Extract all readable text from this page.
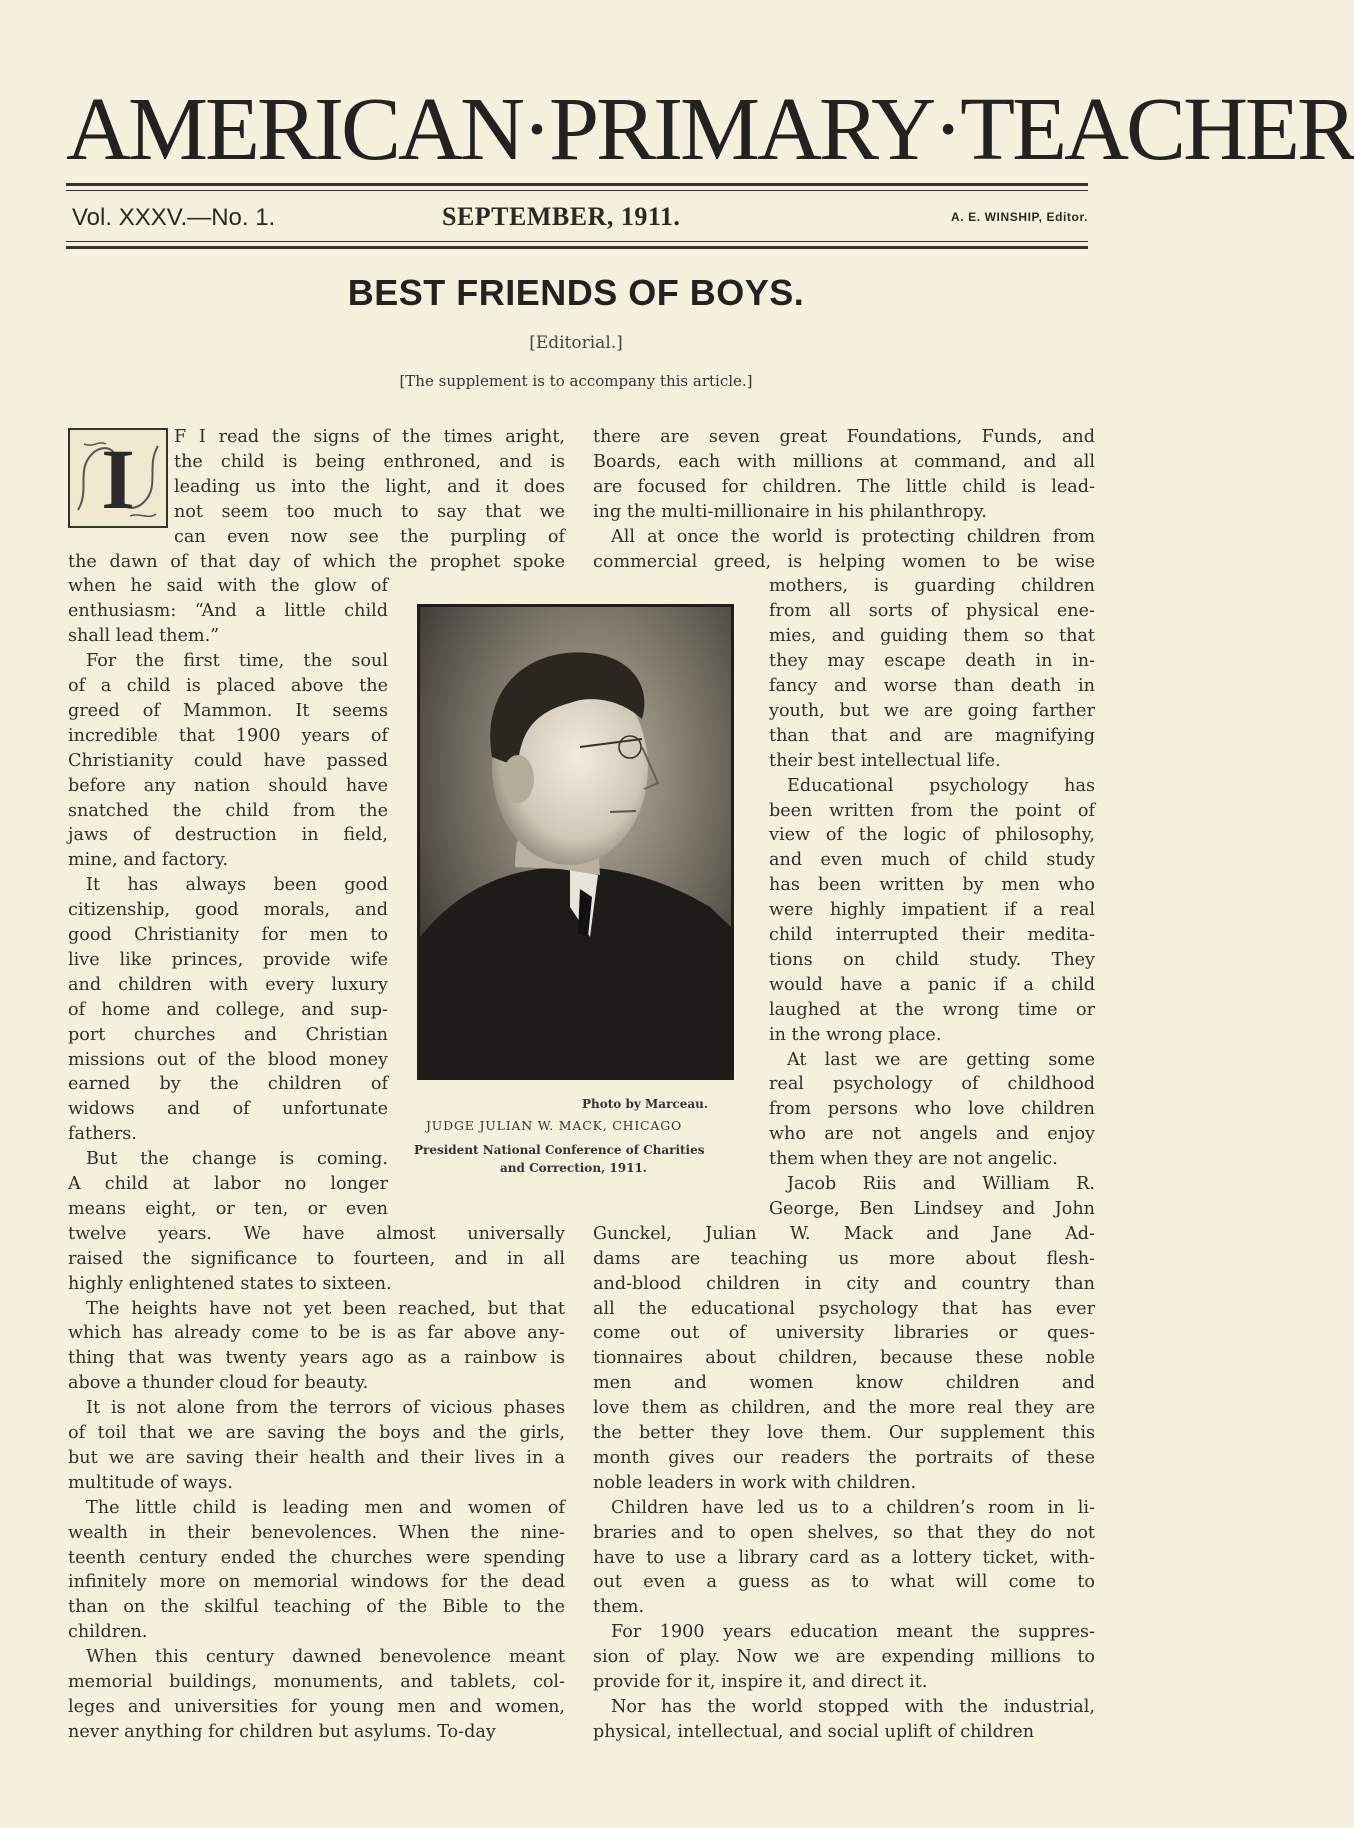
AMERICAN·PRIMARY·TEACHER
Vol. XXXV.—No. 1.	SEPTEMBER, 1911.	A. E. WINSHIP, Editor.
BEST FRIENDS OF BOYS.
[Editorial.]
[The supplement is to accompany this article.]
I
Photo by Marceau.
JUDGE JULIAN W. MACK, CHICAGO
President National Conference of Charities
and Correction, 1911.
F I read the signs of the times aright,
the child is being enthroned, and is
leading us into the light, and it does
not seem too much to say that we
can even now see the purpling of
the dawn of that day of which the prophet spoke
when he said with the glow of
enthusiasm: “And a little child
shall lead them.”
For the first time, the soul
of a child is placed above the
greed of Mammon. It seems
incredible that 1900 years of
Christianity could have passed
before any nation should have
snatched the child from the
jaws of destruction in field,
mine, and factory.
It has always been good
citizenship, good morals, and
good Christianity for men to
live like princes, provide wife
and children with every luxury
of home and college, and sup-
port churches and Christian
missions out of the blood money
earned by the children of
widows and of unfortunate
fathers.
But the change is coming.
A child at labor no longer
means eight, or ten, or even
twelve years. We have almost universally
raised the significance to fourteen, and in all
highly enlightened states to sixteen.
The heights have not yet been reached, but that
which has already come to be is as far above any-
thing that was twenty years ago as a rainbow is
above a thunder cloud for beauty.
It is not alone from the terrors of vicious phases
of toil that we are saving the boys and the girls,
but we are saving their health and their lives in a
multitude of ways.
The little child is leading men and women of
wealth in their benevolences. When the nine-
teenth century ended the churches were spending
infinitely more on memorial windows for the dead
than on the skilful teaching of the Bible to the
children.
When this century dawned benevolence meant
memorial buildings, monuments, and tablets, col-
leges and universities for young men and women,
never anything for children but asylums. To-day
there are seven great Foundations, Funds, and
Boards, each with millions at command, and all
are focused for children. The little child is lead-
ing the multi-millionaire in his philanthropy.
All at once the world is protecting children from
commercial greed, is helping women to be wise
mothers, is guarding children
from all sorts of physical ene-
mies, and guiding them so that
they may escape death in in-
fancy and worse than death in
youth, but we are going farther
than that and are magnifying
their best intellectual life.
Educational psychology has
been written from the point of
view of the logic of philosophy,
and even much of child study
has been written by men who
were highly impatient if a real
child interrupted their medita-
tions on child study. They
would have a panic if a child
laughed at the wrong time or
in the wrong place.
At last we are getting some
real psychology of childhood
from persons who love children
who are not angels and enjoy
them when they are not angelic.
Jacob Riis and William R.
George, Ben Lindsey and John
Gunckel, Julian W. Mack and Jane Ad-
dams are teaching us more about flesh-
and-blood children in city and country than
all the educational psychology that has ever
come out of university libraries or ques-
tionnaires about children, because these noble
men and women know children and
love them as children, and the more real they are
the better they love them. Our supplement this
month gives our readers the portraits of these
noble leaders in work with children.
Children have led us to a children’s room in li-
braries and to open shelves, so that they do not
have to use a library card as a lottery ticket, with-
out even a guess as to what will come to
them.
For 1900 years education meant the suppres-
sion of play. Now we are expending millions to
provide for it, inspire it, and direct it.
Nor has the world stopped with the industrial,
physical, intellectual, and social uplift of children
